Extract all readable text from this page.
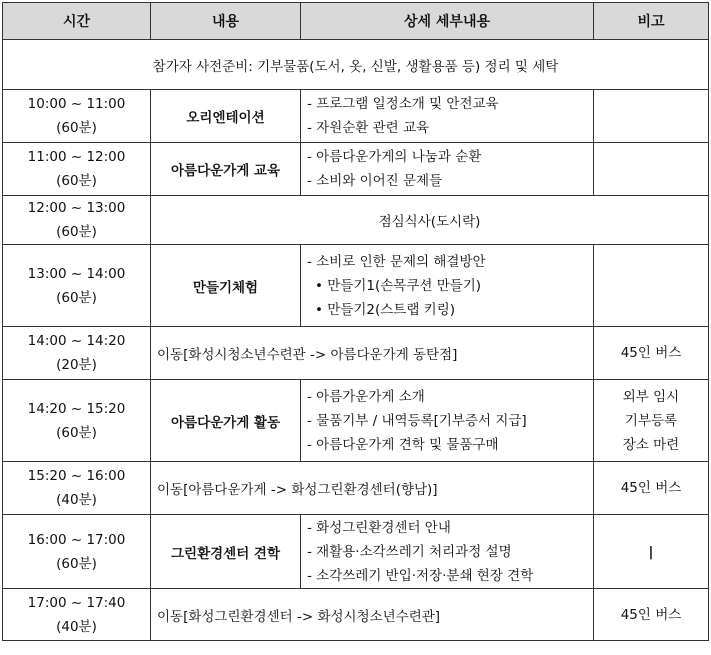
시간	내용	상세 세부내용	비고
참가자 사전준비: 기부물품(도서, 옷, 신발, 생활용품 등) 정리 및 세탁			

10:00 ~ 11:00
(60분)	오리엔테이션	- 프로그램 일정소개 및 안전교육
- 자원순환 관련 교육	

11:00 ~ 12:00
(60분)	아름다운가게 교육	- 아름다운가게의 나눔과 순환
- 소비와 이어진 문제들	

12:00 ~ 13:00
(60분)	점심식사(도시락)		

13:00 ~ 14:00
(60분)	만들기체험	- 소비로 인한 문제의 해결방안
• 만들기1(손목쿠션 만들기)
• 만들기2(스트랩 키링)	

14:00 ~ 14:20
(20분)	이동[화성시청소년수련관 -> 아름다운가게 동탄점]		45인 버스

14:20 ~ 15:20
(60분)	아름다운가게 활동	- 아름가운가게 소개
- 물품기부 / 내역등록[기부증서 지급]
- 아름다운가게 견학 및 물품구매	외부 임시
기부등록
장소 마련

15:20 ~ 16:00
(40분)	이동[아름다운가게 -> 화성그린환경센터(향남)]		45인 버스

16:00 ~ 17:00
(60분)	그린환경센터 견학	- 화성그린환경센터 안내
- 재활용·소각쓰레기 처리과정 설명
- 소각쓰레기 반입·저장·분쇄 현장 견학	|

17:00 ~ 17:40
(40분)	이동[화성그린환경센터 -> 화성시청소년수련관]		45인 버스
